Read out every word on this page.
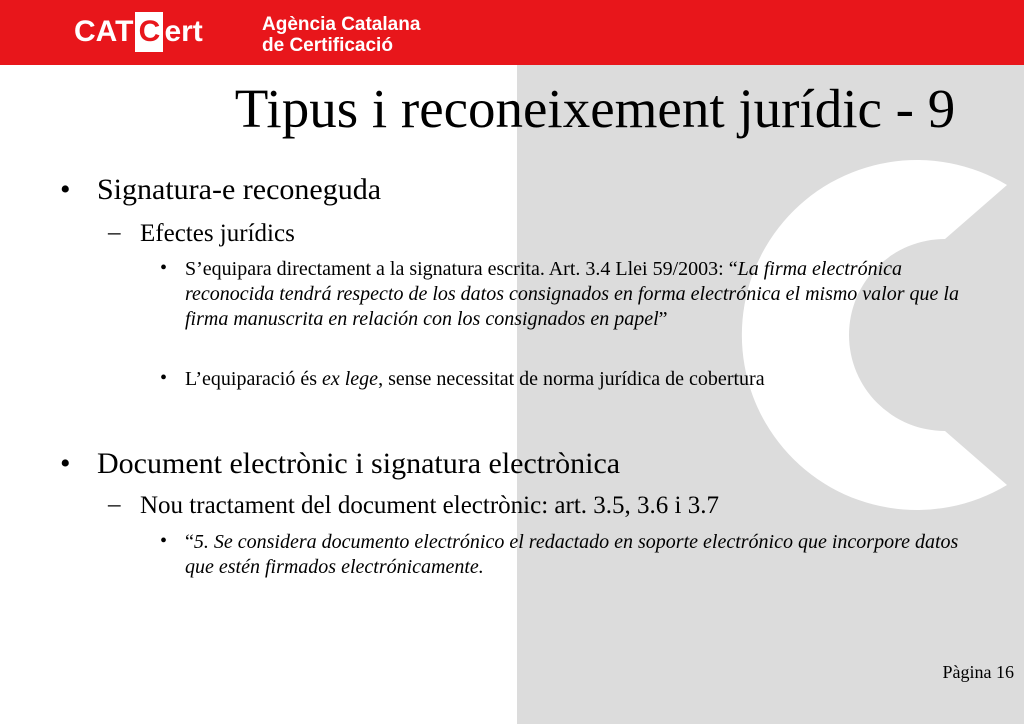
CAT C ert	Agència Catalana
de Certificació
Tipus i reconeixement jurídic - 9
• Signatura-e reconeguda
– Efectes jurídics
• S’equipara directament a la signatura escrita. Art. 3.4 Llei 59/2003: “La firma electrónica reconocida tendrá respecto de los datos consignados en forma electrónica el mismo valor que la firma manuscrita en relación con los consignados en papel”
• L’equiparació és ex lege, sense necessitat de norma jurídica de cobertura
• Document electrònic i signatura electrònica
– Nou tractament del document electrònic: art. 3.5, 3.6 i 3.7
• “5. Se considera documento electrónico el redactado en soporte electrónico que incorpore datos que estén firmados electrónicamente.
Pàgina 16
